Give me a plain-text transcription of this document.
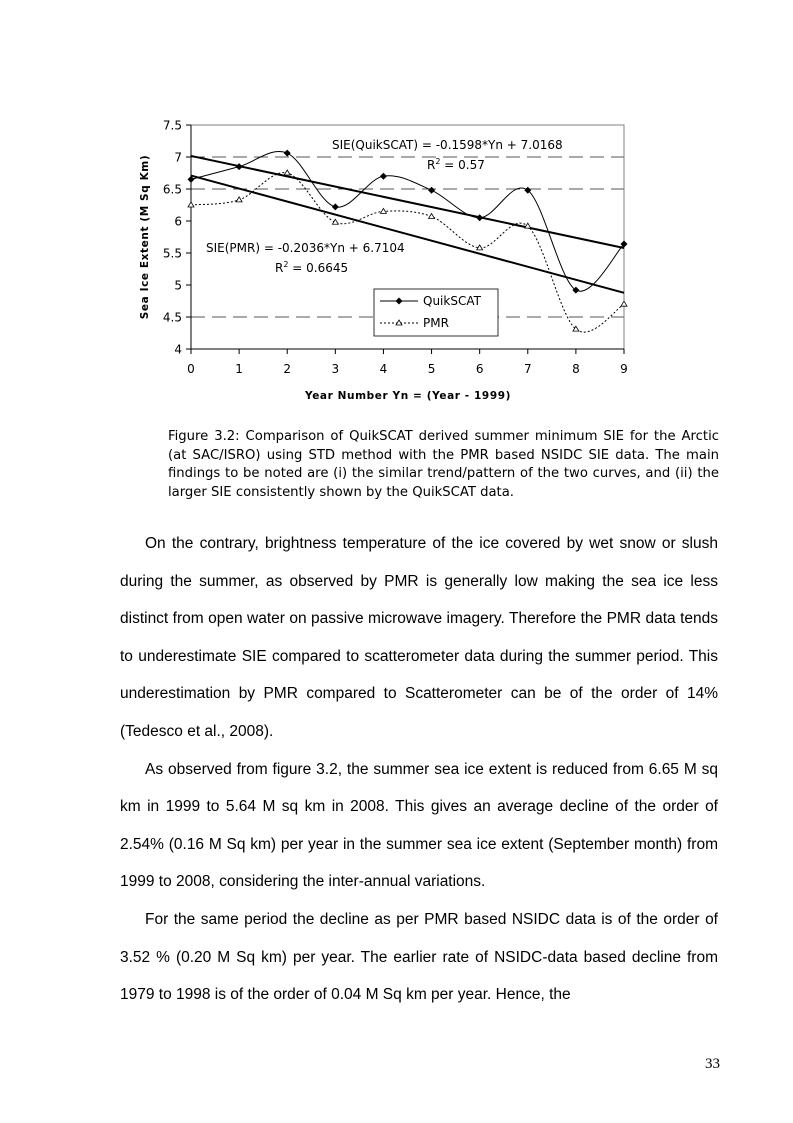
4
4.5
5
5.5
6
6.5
7
7.5
0	1	2	3	4	5	6	7	8	9
Year Number Yn = (Year - 1999)
Sea Ice Extent (M Sq Km)
SIE(QuikSCAT) = -0.1598*Yn + 7.0168
$R^2 = 0.57$
SIE(PMR) = -0.2036*Yn + 6.7104
$R^2 = 0.6645$
QuikSCAT
PMR

Figure 3.2: Comparison of QuikSCAT derived summer minimum SIE for the Arctic (at SAC/ISRO) using STD method with the PMR based NSIDC SIE data. The main findings to be noted are (i) the similar trend/pattern of the two curves, and (ii) the larger SIE consistently shown by the QuikSCAT data.

On the contrary, brightness temperature of the ice covered by wet snow or slush during the summer, as observed by PMR is generally low making the sea ice less distinct from open water on passive microwave imagery. Therefore the PMR data tends to underestimate SIE compared to scatterometer data during the summer period. This underestimation by PMR compared to Scatterometer can be of the order of 14% (Tedesco et al., 2008).

As observed from figure 3.2, the summer sea ice extent is reduced from 6.65 M sq km in 1999 to 5.64 M sq km in 2008. This gives an average decline of the order of 2.54% (0.16 M Sq km) per year in the summer sea ice extent (September month) from 1999 to 2008, considering the inter-annual variations.

For the same period the decline as per PMR based NSIDC data is of the order of 3.52 % (0.20 M Sq km) per year. The earlier rate of NSIDC-data based decline from 1979 to 1998 is of the order of 0.04 M Sq km per year. Hence, the

33
